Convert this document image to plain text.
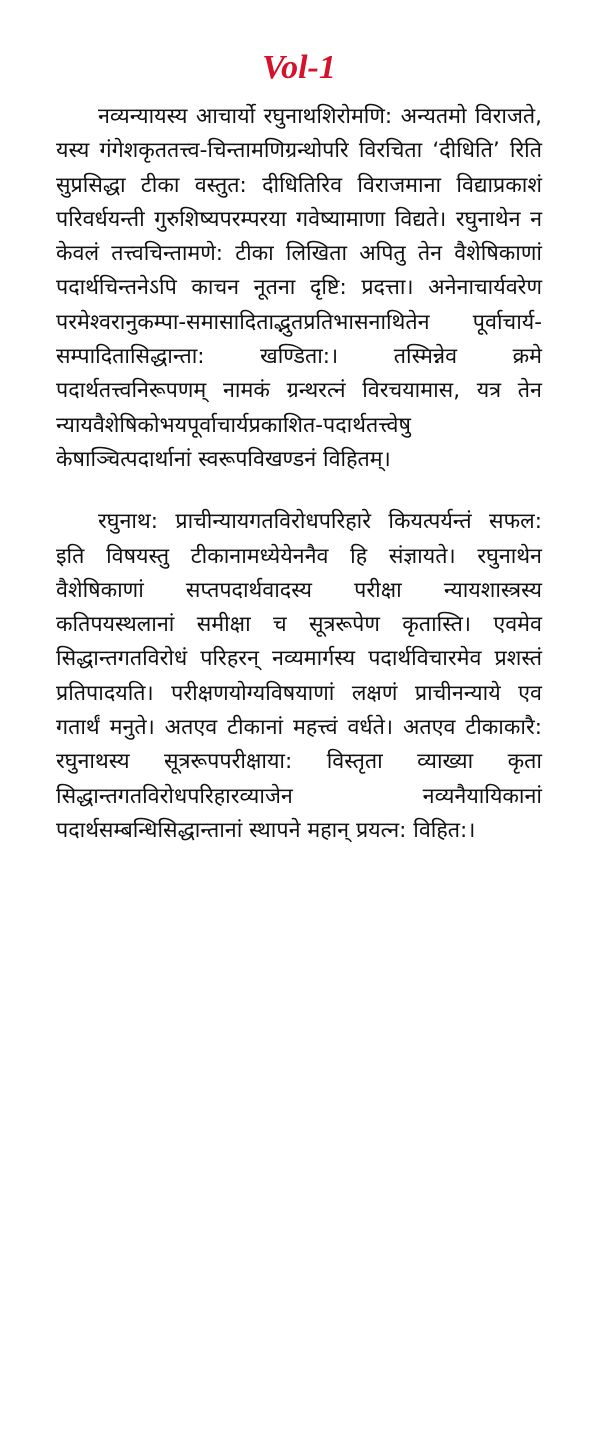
Vol-1

नव्यन्यायस्य आचार्यो रघुनाथशिरोमणि: अन्यतमो विराजते, यस्य गंगेशकृततत्त्व-चिन्तामणिग्रन्थोपरि विरचिता ‘दीधिति’ रिति सुप्रसिद्धा टीका वस्तुत: दीधितिरिव विराजमाना विद्याप्रकाशं परिवर्धयन्ती गुरुशिष्यपरम्परया गवेष्यामाणा विद्यते। रघुनाथेन न केवलं तत्त्वचिन्तामणे: टीका लिखिता अपितु तेन वैशेषिकाणां पदार्थचिन्तनेऽपि काचन नूतना दृष्टि: प्रदत्ता। अनेनाचार्यवरेण परमेश्वरानुकम्पा-समासादिताद्भुतप्रतिभासनाथितेन पूर्वाचार्य-सम्पादितासिद्धान्ता: खण्डिता:। तस्मिन्नेव क्रमे पदार्थतत्त्वनिरूपणम् नामकं ग्रन्थरत्नं विरचयामास, यत्र तेन न्यायवैशेषिकोभयपूर्वाचार्यप्रकाशित-पदार्थतत्त्वेषु केषाञ्चित्पदार्थानां स्वरूपविखण्डनं विहितम्।

रघुनाथ: प्राचीन्यायगतविरोधपरिहारे कियत्पर्यन्तं सफल: इति विषयस्तु टीकानामध्येयेननैव हि संज्ञायते। रघुनाथेन वैशेषिकाणां सप्तपदार्थवादस्य परीक्षा न्यायशास्त्रस्य कतिपयस्थलानां समीक्षा च सूत्ररूपेण कृतास्ति। एवमेव सिद्धान्तगतविरोधं परिहरन् नव्यमार्गस्य पदार्थविचारमेव प्रशस्तं प्रतिपादयति। परीक्षणयोग्यविषयाणां लक्षणं प्राचीनन्याये एव गतार्थं मनुते। अतएव टीकानां महत्त्वं वर्धते। अतएव टीकाकारै: रघुनाथस्य सूत्ररूपपरीक्षाया: विस्तृता व्याख्या कृता सिद्धान्तगतविरोधपरिहारव्याजेन नव्यनैयायिकानां पदार्थसम्बन्धिसिद्धान्तानां स्थापने महान् प्रयत्न: विहित:।
